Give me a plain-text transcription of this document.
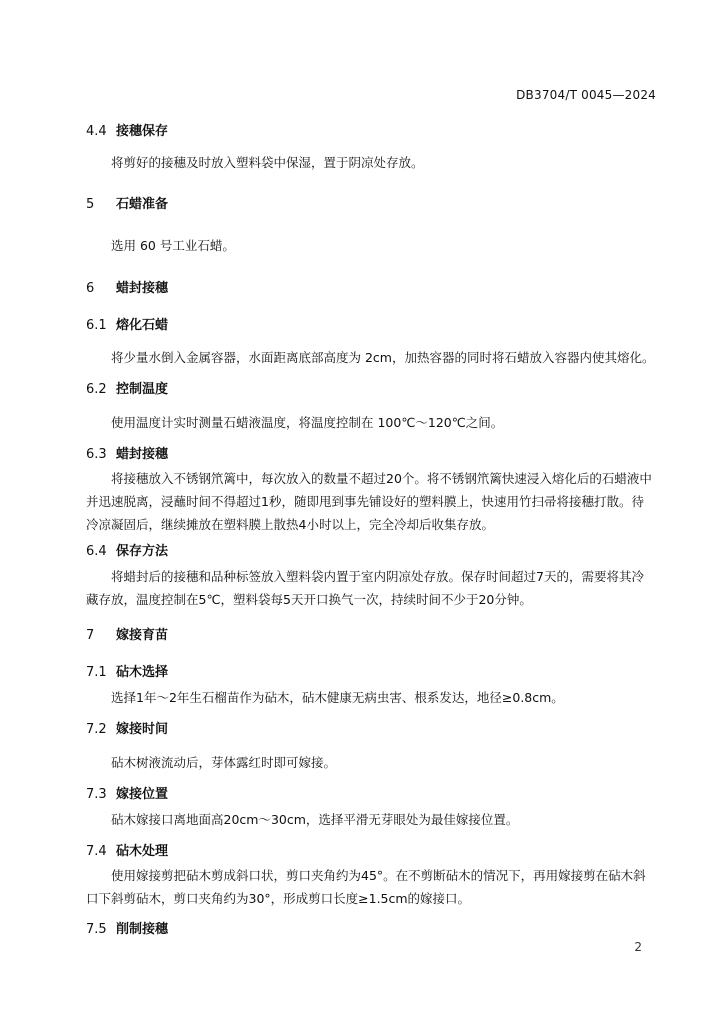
DB3704/T 0045—2024
4.4 接穗保存
将剪好的接穗及时放入塑料袋中保湿，置于阴凉处存放。
5 石蜡准备
选用 60 号工业石蜡。
6 蜡封接穗
6.1 熔化石蜡
将少量水倒入金属容器，水面距离底部高度为 2cm，加热容器的同时将石蜡放入容器内使其熔化。
6.2 控制温度
使用温度计实时测量石蜡液温度，将温度控制在 100℃～120℃之间。
6.3 蜡封接穗
将接穗放入不锈钢笊篱中，每次放入的数量不超过20个。将不锈钢笊篱快速浸入熔化后的石蜡液中
并迅速脱离，浸蘸时间不得超过1秒，随即甩到事先铺设好的塑料膜上，快速用竹扫帚将接穗打散。待
冷凉凝固后，继续摊放在塑料膜上散热4小时以上，完全冷却后收集存放。
6.4 保存方法
将蜡封后的接穗和品种标签放入塑料袋内置于室内阴凉处存放。保存时间超过7天的，需要将其冷
藏存放，温度控制在5℃，塑料袋每5天开口换气一次，持续时间不少于20分钟。
7 嫁接育苗
7.1 砧木选择
选择1年～2年生石榴苗作为砧木，砧木健康无病虫害、根系发达，地径≥0.8cm。
7.2 嫁接时间
砧木树液流动后，芽体露红时即可嫁接。
7.3 嫁接位置
砧木嫁接口离地面高20cm～30cm，选择平滑无芽眼处为最佳嫁接位置。
7.4 砧木处理
使用嫁接剪把砧木剪成斜口状，剪口夹角约为45°。在不剪断砧木的情况下，再用嫁接剪在砧木斜
口下斜剪砧木，剪口夹角约为30°，形成剪口长度≥1.5cm的嫁接口。
7.5 削制接穗
2
